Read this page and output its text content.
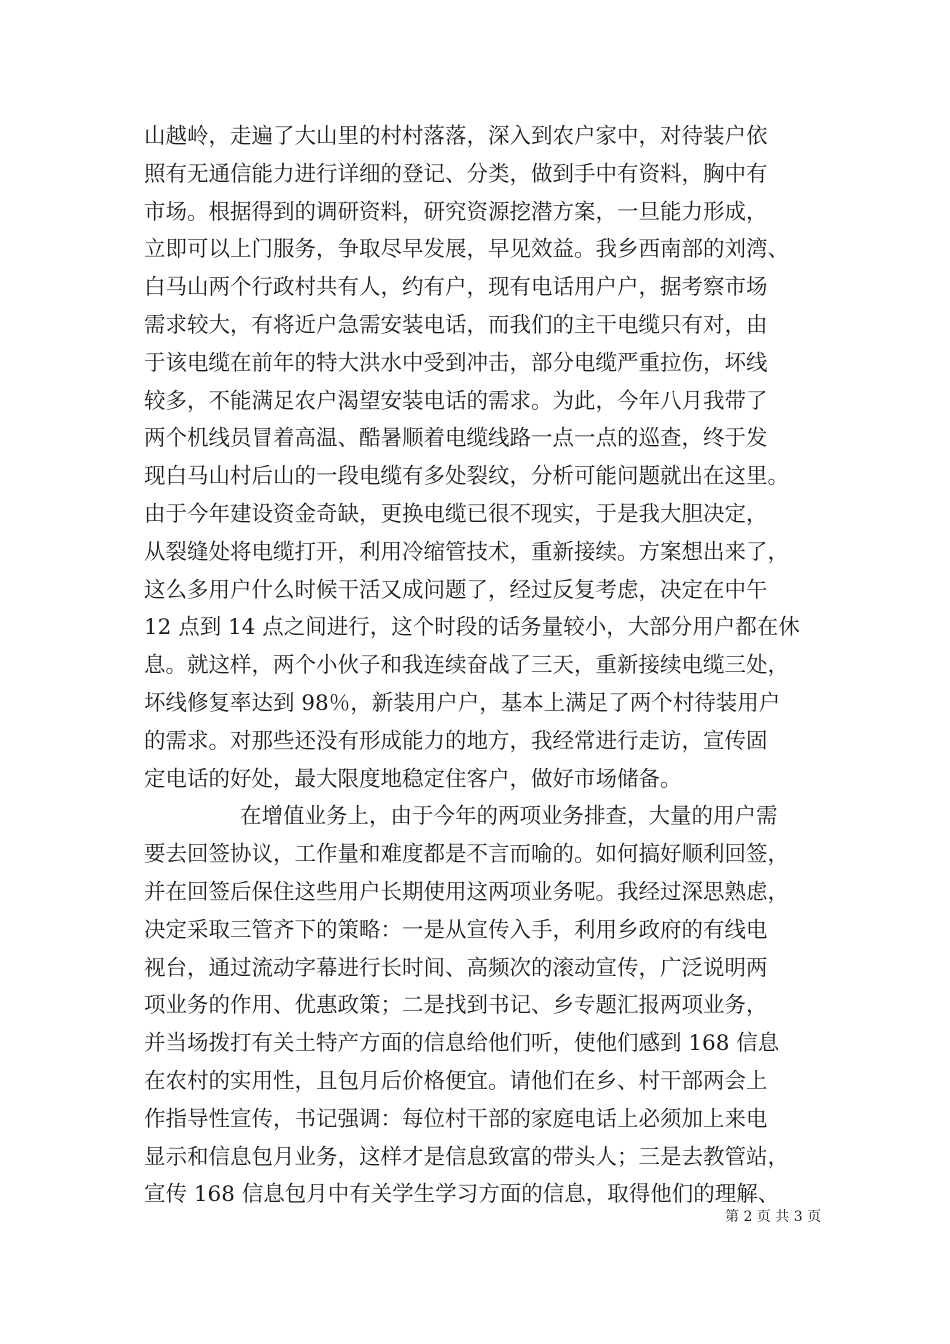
山越岭，走遍了大山里的村村落落，深入到农户家中，对待装户依
照有无通信能力进行详细的登记、分类，做到手中有资料，胸中有
市场。根据得到的调研资料，研究资源挖潜方案，一旦能力形成，
立即可以上门服务，争取尽早发展，早见效益。我乡西南部的刘湾、
白马山两个行政村共有人，约有户，现有电话用户户，据考察市场
需求较大，有将近户急需安装电话，而我们的主干电缆只有对，由
于该电缆在前年的特大洪水中受到冲击，部分电缆严重拉伤，坏线
较多，不能满足农户渴望安装电话的需求。为此，今年八月我带了
两个机线员冒着高温、酷暑顺着电缆线路一点一点的巡查，终于发
现白马山村后山的一段电缆有多处裂纹，分析可能问题就出在这里。
由于今年建设资金奇缺，更换电缆已很不现实，于是我大胆决定，
从裂缝处将电缆打开，利用冷缩管技术，重新接续。方案想出来了，
这么多用户什么时候干活又成问题了，经过反复考虑，决定在中午
12 点到 14 点之间进行，这个时段的话务量较小，大部分用户都在休
息。就这样，两个小伙子和我连续奋战了三天，重新接续电缆三处，
坏线修复率达到 98％，新装用户户，基本上满足了两个村待装用户
的需求。对那些还没有形成能力的地方，我经常进行走访，宣传固
定电话的好处，最大限度地稳定住客户，做好市场储备。
在增值业务上，由于今年的两项业务排查，大量的用户需
要去回签协议，工作量和难度都是不言而喻的。如何搞好顺利回签，
并在回签后保住这些用户长期使用这两项业务呢。我经过深思熟虑，
决定采取三管齐下的策略：一是从宣传入手，利用乡政府的有线电
视台，通过流动字幕进行长时间、高频次的滚动宣传，广泛说明两
项业务的作用、优惠政策；二是找到书记、乡专题汇报两项业务，
并当场拨打有关土特产方面的信息给他们听，使他们感到 168 信息
在农村的实用性，且包月后价格便宜。请他们在乡、村干部两会上
作指导性宣传，书记强调：每位村干部的家庭电话上必须加上来电
显示和信息包月业务，这样才是信息致富的带头人；三是去教管站，
宣传 168 信息包月中有关学生学习方面的信息，取得他们的理解、
第 2 页 共 3 页
